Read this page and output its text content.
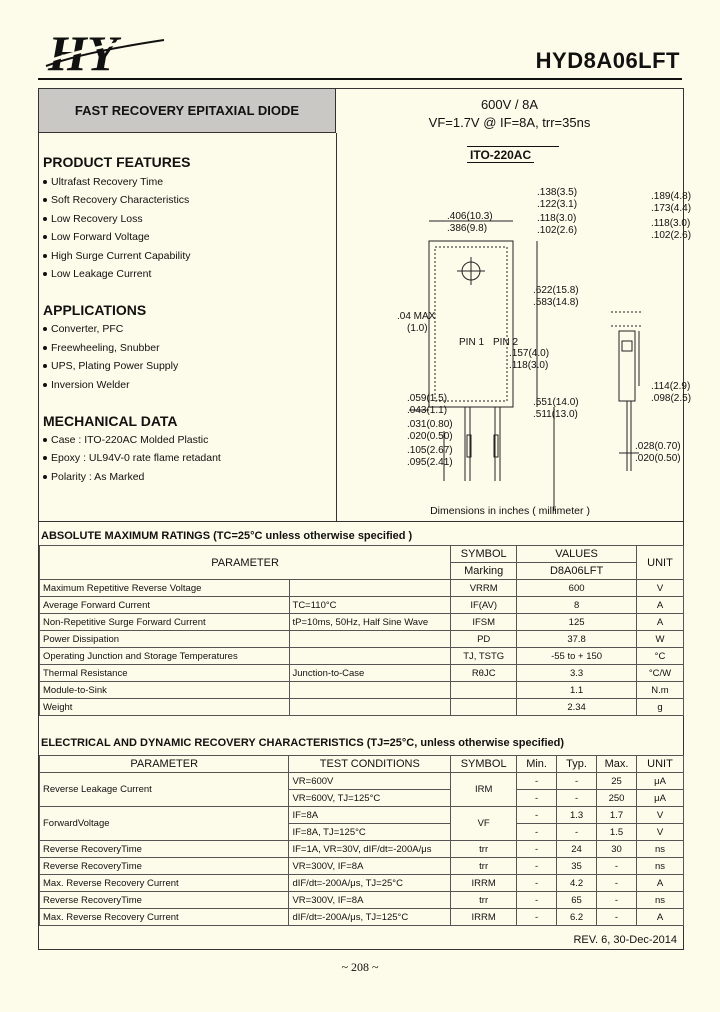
HY	HYD8A06LFT
FAST RECOVERY EPITAXIAL DIODE	600V / 8A
VF=1.7V @ IF=8A, trr=35ns
PRODUCT FEATURES
Ultrafast Recovery Time
Soft Recovery Characteristics
Low Recovery Loss
Low Forward Voltage
High Surge Current Capability
Low Leakage Current
APPLICATIONS
Converter, PFC
Freewheeling, Snubber
UPS, Plating Power Supply
Inversion Welder
MECHANICAL DATA
Case : ITO-220AC Molded Plastic
Epoxy : UL94V-0 rate flame retadant
Polarity : As Marked
ITO-220AC
.138(3.5)
.122(3.1)
.406(10.3)
.386(9.8)
.118(3.0)
.102(2.6)
.189(4.8)
.173(4.4)
.118(3.0)
.102(2.6)
.622(15.8)
.583(14.8)
.04 MAX
(1.0)
PIN 1 PIN 2
.157(4.0)
.118(3.0)
.114(2.9)
.098(2.5)
.059(1.5)
.043(1.1)
.551(14.0)
.511(13.0)
.031(0.80)
.020(0.50)
.105(2.67)
.095(2.41)
.028(0.70)
.020(0.50)
Dimensions in inches ( millimeter )
ABSOLUTE MAXIMUM RATINGS (TC=25°C unless otherwise specified )
PARAMETER		SYMBOL	VALUES	UNIT
		Marking	D8A06LFT	
Maximum Repetitive Reverse Voltage		VRRM	600	V
Average Forward Current	TC=110°C	IF(AV)	8	A
Non-Repetitive Surge Forward Current	tP=10ms, 50Hz, Half Sine Wave	IFSM	125	A
Power Dissipation		PD	37.8	W
Operating Junction and Storage Temperatures		TJ, TSTG	-55 to + 150	°C
Thermal Resistance	Junction-to-Case	RθJC	3.3	°C/W
Module-to-Sink			1.1	N.m
Weight			2.34	g
ELECTRICAL AND DYNAMIC RECOVERY CHARACTERISTICS (TJ=25°C, unless otherwise specified)
PARAMETER	TEST CONDITIONS	SYMBOL	Min.	Typ.	Max.	UNIT
Reverse Leakage Current	VR=600V	IRM	-	-	25	μA
	VR=600V, TJ=125°C		-	-	250	μA
ForwardVoltage	IF=8A	VF	-	1.3	1.7	V
	IF=8A, TJ=125°C		-	-	1.5	V
Reverse RecoveryTime	IF=1A, VR=30V, dIF/dt=-200A/μs	trr	-	24	30	ns
Reverse RecoveryTime	VR=300V, IF=8A	trr	-	35	-	ns
Max. Reverse Recovery Current	dIF/dt=-200A/μs, TJ=25°C	IRRM	-	4.2	-	A
Reverse RecoveryTime	VR=300V, IF=8A	trr	-	65	-	ns
Max. Reverse Recovery Current	dIF/dt=-200A/μs, TJ=125°C	IRRM	-	6.2	-	A
REV. 6, 30-Dec-2014
~ 208 ~
